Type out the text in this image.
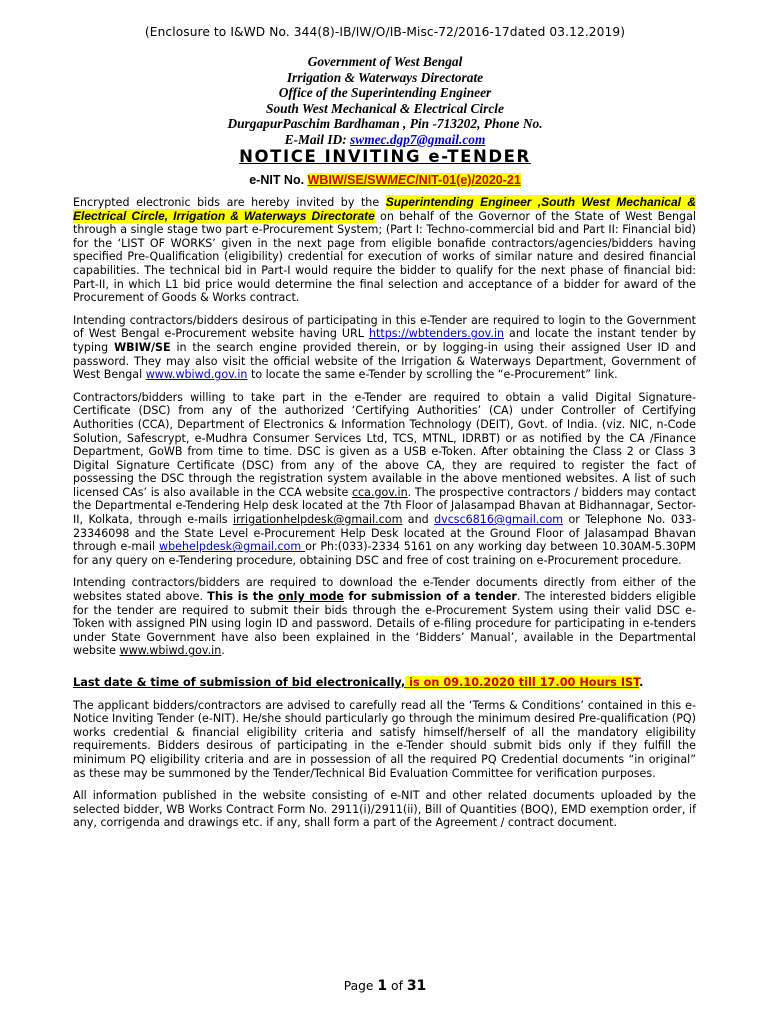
(Enclosure to I&WD No. 344(8)-IB/IW/O/IB-Misc-72/2016-17dated 03.12.2019)
Government of West Bengal
Irrigation & Waterways Directorate
Office of the Superintending Engineer
South West Mechanical & Electrical Circle
DurgapurPaschim Bardhaman , Pin -713202, Phone No.
E-Mail ID: swmec.dgp7@gmail.com
NOTICE INVITING e-TENDER
e-NIT No. WBIW/SE/SWMEC/NIT-01(e)/2020-21

Encrypted electronic bids are hereby invited by the Superintending Engineer ,South West Mechanical & Electrical Circle, Irrigation & Waterways Directorate on behalf of the Governor of the State of West Bengal through a single stage two part e-Procurement System; (Part I: Techno-commercial bid and Part II: Financial bid) for the ‘LIST OF WORKS’ given in the next page from eligible bonafide contractors/agencies/bidders having specified Pre-Qualification (eligibility) credential for execution of works of similar nature and desired financial capabilities. The technical bid in Part-I would require the bidder to qualify for the next phase of financial bid: Part-II, in which L1 bid price would determine the final selection and acceptance of a bidder for award of the Procurement of Goods & Works contract.

Intending contractors/bidders desirous of participating in this e-Tender are required to login to the Government of West Bengal e-Procurement website having URL https://wbtenders.gov.in and locate the instant tender by typing WBIW/SE in the search engine provided therein, or by logging-in using their assigned User ID and password. They may also visit the official website of the Irrigation & Waterways Department, Government of West Bengal www.wbiwd.gov.in to locate the same e-Tender by scrolling the “e-Procurement” link.

Contractors/bidders willing to take part in the e-Tender are required to obtain a valid Digital Signature-Certificate (DSC) from any of the authorized ‘Certifying Authorities’ (CA) under Controller of Certifying Authorities (CCA), Department of Electronics & Information Technology (DEIT), Govt. of India. (viz. NIC, n-Code Solution, Safescrypt, e-Mudhra Consumer Services Ltd, TCS, MTNL, IDRBT) or as notified by the CA /Finance Department, GoWB from time to time. DSC is given as a USB e-Token. After obtaining the Class 2 or Class 3 Digital Signature Certificate (DSC) from any of the above CA, they are required to register the fact of possessing the DSC through the registration system available in the above mentioned websites. A list of such licensed CAs’ is also available in the CCA website cca.gov.in. The prospective contractors / bidders may contact the Departmental e-Tendering Help desk located at the 7th Floor of Jalasampad Bhavan at Bidhannagar, Sector-II, Kolkata, through e-mails irrigationhelpdesk@gmail.com and dvcsc6816@gmail.com or Telephone No. 033-23346098 and the State Level e-Procurement Help Desk located at the Ground Floor of Jalasampad Bhavan through e-mail wbehelpdesk@gmail.com or Ph:(033)-2334 5161 on any working day between 10.30AM-5.30PM for any query on e-Tendering procedure, obtaining DSC and free of cost training on e-Procurement procedure.

Intending contractors/bidders are required to download the e-Tender documents directly from either of the websites stated above. This is the only mode for submission of a tender. The interested bidders eligible for the tender are required to submit their bids through the e-Procurement System using their valid DSC e-Token with assigned PIN using login ID and password. Details of e-filing procedure for participating in e-tenders under State Government have also been explained in the ‘Bidders’ Manual’, available in the Departmental website www.wbiwd.gov.in.

Last date & time of submission of bid electronically, is on 09.10.2020 till 17.00 Hours IST.

The applicant bidders/contractors are advised to carefully read all the ‘Terms & Conditions’ contained in this e-Notice Inviting Tender (e-NIT). He/she should particularly go through the minimum desired Pre-qualification (PQ) works credential & financial eligibility criteria and satisfy himself/herself of all the mandatory eligibility requirements. Bidders desirous of participating in the e-Tender should submit bids only if they fulfill the minimum PQ eligibility criteria and are in possession of all the required PQ Credential documents “in original” as these may be summoned by the Tender/Technical Bid Evaluation Committee for verification purposes.

All information published in the website consisting of e-NIT and other related documents uploaded by the selected bidder, WB Works Contract Form No. 2911(i)/2911(ii), Bill of Quantities (BOQ), EMD exemption order, if any, corrigenda and drawings etc. if any, shall form a part of the Agreement / contract document.

Page 1 of 31
